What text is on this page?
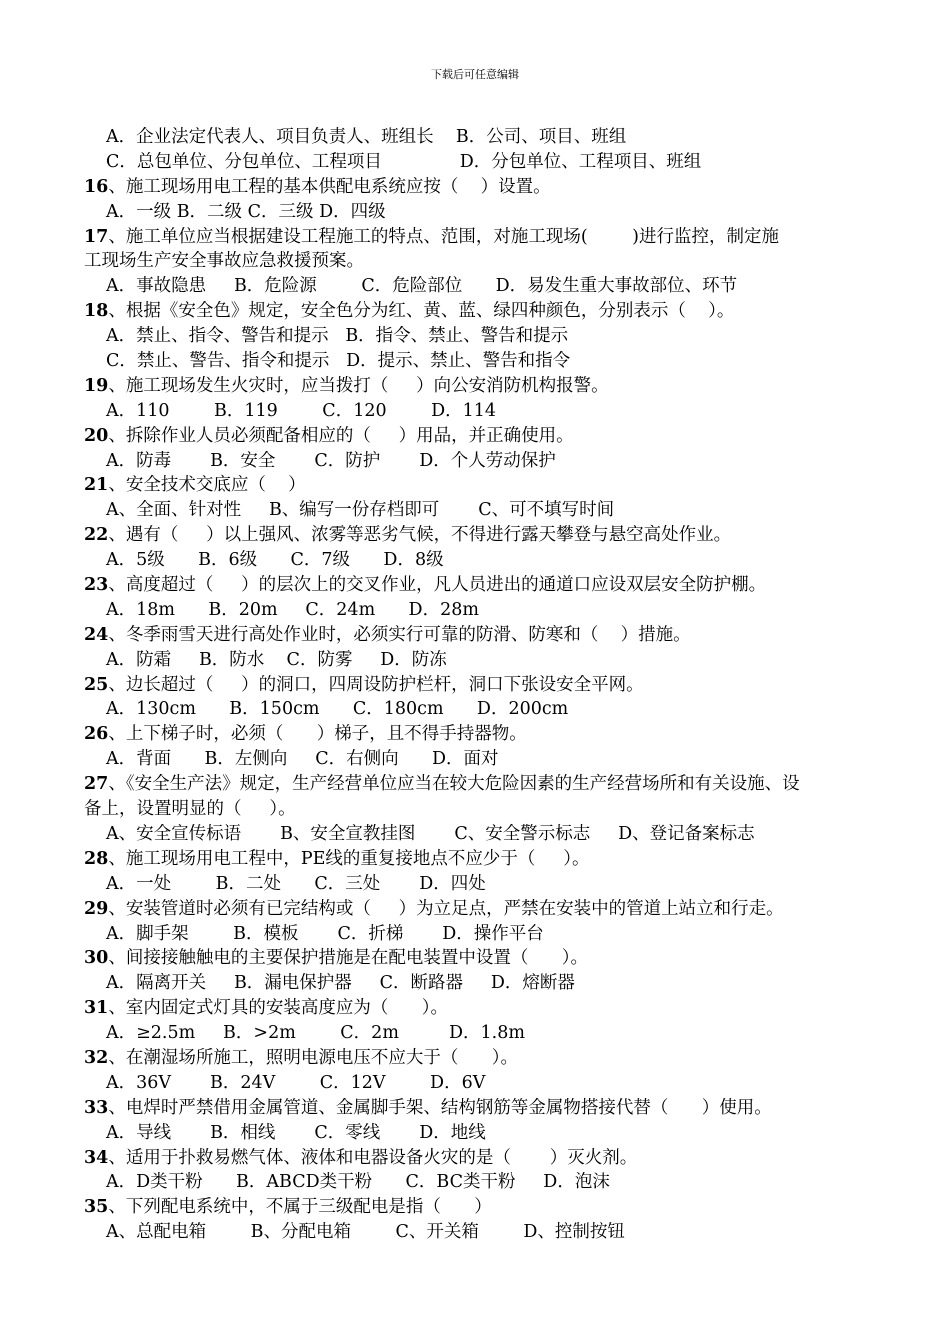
下载后可任意编辑
A．企业法定代表人、项目负责人、班组长    B．公司、项目、班组
C．总包单位、分包单位、工程项目              D．分包单位、工程项目、班组
16、施工现场用电工程的基本供配电系统应按（    ）设置。
A．一级 B．二级 C．三级 D．四级
17、施工单位应当根据建设工程施工的特点、范围，对施工现场(        )进行监控，制定施
工现场生产安全事故应急救援预案。
A．事故隐患     B．危险源        C．危险部位      D．易发生重大事故部位、环节
18、根据《安全色》规定，安全色分为红、黄、蓝、绿四种颜色，分别表示（    ）。
A．禁止、指令、警告和提示   B．指令、禁止、警告和提示
C．禁止、警告、指令和提示   D．提示、禁止、警告和指令
19、施工现场发生火灾时，应当拨打（     ）向公安消防机构报警。
A．110        B．119        C．120        D．114
20、拆除作业人员必须配备相应的（     ）用品，并正确使用。
A．防毒       B．安全       C．防护       D．个人劳动保护
21、安全技术交底应（    ）
A、全面、针对性     B、编写一份存档即可       C、可不填写时间
22、遇有（     ）以上强风、浓雾等恶劣气候，不得进行露天攀登与悬空高处作业。
A．5级      B．6级      C．7级      D．8级
23、高度超过（     ）的层次上的交叉作业，凡人员进出的通道口应设双层安全防护棚。
A．18m      B．20m     C．24m      D．28m
24、冬季雨雪天进行高处作业时，必须实行可靠的防滑、防寒和（    ）措施。
A．防霜     B．防水    C．防雾     D．防冻
25、边长超过（     ）的洞口，四周设防护栏杆，洞口下张设安全平网。
A．130cm      B．150cm      C．180cm      D．200cm
26、上下梯子时，必须（      ）梯子，且不得手持器物。
A．背面      B．左侧向     C．右侧向      D．面对
27、《安全生产法》规定，生产经营单位应当在较大危险因素的生产经营场所和有关设施、设
备上，设置明显的（     ）。
A、安全宣传标语       B、安全宣教挂图       C、安全警示标志     D、登记备案标志
28、施工现场用电工程中，PE线的重复接地点不应少于（     ）。
A．一处        B．二处      C．三处       D．四处
29、安装管道时必须有已完结构或（     ）为立足点，严禁在安装中的管道上站立和行走。
A．脚手架        B．模板       C．折梯       D．操作平台
30、间接接触触电的主要保护措施是在配电装置中设置（      ）。
A．隔离开关     B．漏电保护器     C．断路器     D．熔断器
31、室内固定式灯具的安装高度应为（      ）。
A．≥2.5m     B．>2m        C．2m         D．1.8m
32、在潮湿场所施工，照明电源电压不应大于（      ）。
A．36V       B．24V        C．12V        D．6V
33、电焊时严禁借用金属管道、金属脚手架、结构钢筋等金属物搭接代替（      ）使用。
A．导线       B．相线       C．零线       D．地线
34、适用于扑救易燃气体、液体和电器设备火灾的是（       ）灭火剂。
A．D类干粉      B．ABCD类干粉      C．BC类干粉     D．泡沫
35、下列配电系统中，不属于三级配电是指（      ）
A、总配电箱        B、分配电箱        C、开关箱        D、控制按钮
